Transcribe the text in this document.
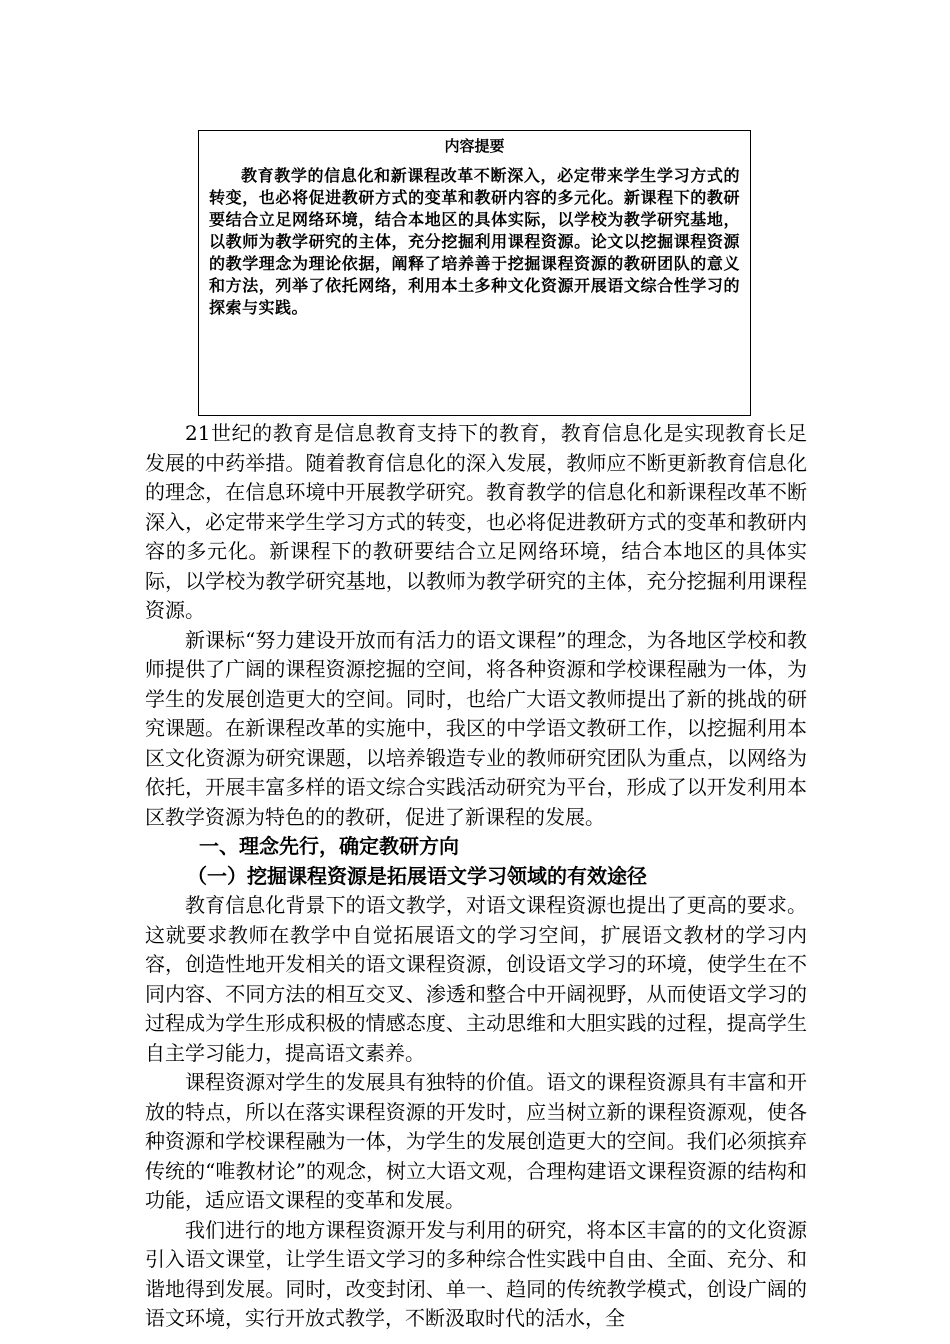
内容提要

教育教学的信息化和新课程改革不断深入，必定带来学生学习方式的转变，也必将促进教研方式的变革和教研内容的多元化。新课程下的教研要结合立足网络环境，结合本地区的具体实际，以学校为教学研究基地，以教师为教学研究的主体，充分挖掘利用课程资源。论文以挖掘课程资源的教学理念为理论依据，阐释了培养善于挖掘课程资源的教研团队的意义和方法，列举了依托网络，利用本土多种文化资源开展语文综合性学习的探索与实践。

21世纪的教育是信息教育支持下的教育，教育信息化是实现教育长足发展的中药举措。随着教育信息化的深入发展，教师应不断更新教育信息化的理念，在信息环境中开展教学研究。教育教学的信息化和新课程改革不断深入，必定带来学生学习方式的转变，也必将促进教研方式的变革和教研内容的多元化。新课程下的教研要结合立足网络环境，结合本地区的具体实际，以学校为教学研究基地，以教师为教学研究的主体，充分挖掘利用课程资源。

新课标“努力建设开放而有活力的语文课程”的理念，为各地区学校和教师提供了广阔的课程资源挖掘的空间，将各种资源和学校课程融为一体，为学生的发展创造更大的空间。同时，也给广大语文教师提出了新的挑战的研究课题。在新课程改革的实施中，我区的中学语文教研工作，以挖掘利用本区文化资源为研究课题，以培养锻造专业的教师研究团队为重点，以网络为依托，开展丰富多样的语文综合实践活动研究为平台，形成了以开发利用本区教学资源为特色的的教研，促进了新课程的发展。

一、理念先行，确定教研方向

（一）挖掘课程资源是拓展语文学习领域的有效途径

教育信息化背景下的语文教学，对语文课程资源也提出了更高的要求。这就要求教师在教学中自觉拓展语文的学习空间，扩展语文教材的学习内容，创造性地开发相关的语文课程资源，创设语文学习的环境，使学生在不同内容、不同方法的相互交叉、渗透和整合中开阔视野，从而使语文学习的过程成为学生形成积极的情感态度、主动思维和大胆实践的过程，提高学生自主学习能力，提高语文素养。

课程资源对学生的发展具有独特的价值。语文的课程资源具有丰富和开放的特点，所以在落实课程资源的开发时，应当树立新的课程资源观，使各种资源和学校课程融为一体，为学生的发展创造更大的空间。我们必须摈弃传统的“唯教材论”的观念，树立大语文观，合理构建语文课程资源的结构和功能，适应语文课程的变革和发展。

我们进行的地方课程资源开发与利用的研究，将本区丰富的的文化资源引入语文课堂，让学生语文学习的多种综合性实践中自由、全面、充分、和谐地得到发展。同时，改变封闭、单一、趋同的传统教学模式，创设广阔的语文环境，实行开放式教学，不断汲取时代的活水，全
